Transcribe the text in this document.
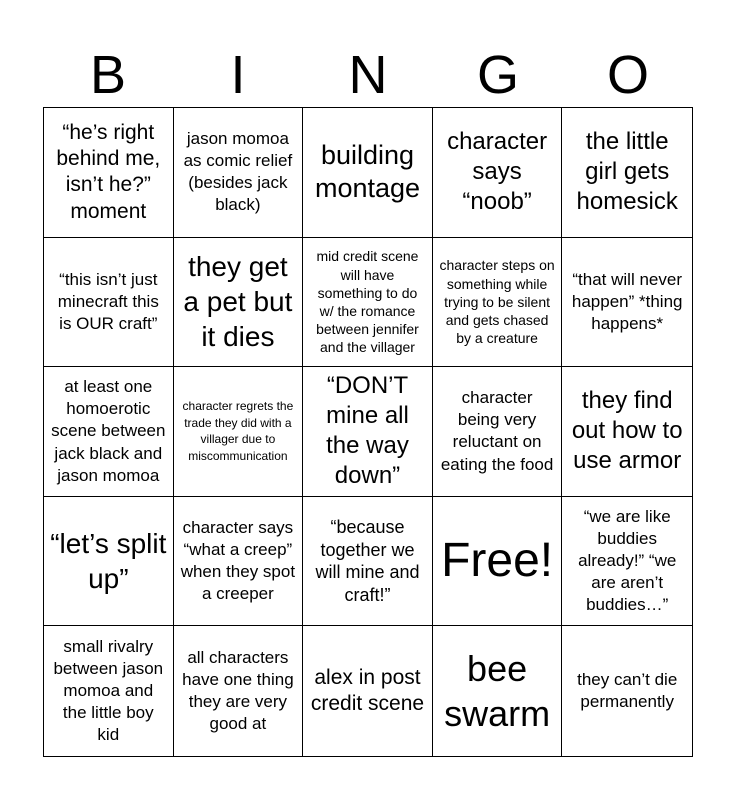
B	I	N	G	O
“he’s right behind me, isn’t he?” moment
jason momoa as comic relief (besides jack black)
building montage
character says “noob”
the little girl gets homesick
“this isn’t just minecraft this is OUR craft”
they get a pet but it dies
mid credit scene will have something to do w/ the romance between jennifer and the villager
character steps on something while trying to be silent and gets chased by a creature
“that will never happen” *thing happens*
at least one homoerotic scene between jack black and jason momoa
character regrets the trade they did with a villager due to miscommunication
“DON’T mine all the way down”
character being very reluctant on eating the food
they find out how to use armor
“let’s split up”
character says “what a creep” when they spot a creeper
“because together we will mine and craft!”
Free!
“we are like buddies already!” “we are aren’t buddies…”
small rivalry between jason momoa and the little boy kid
all characters have one thing they are very good at
alex in post credit scene
bee swarm
they can’t die permanently
